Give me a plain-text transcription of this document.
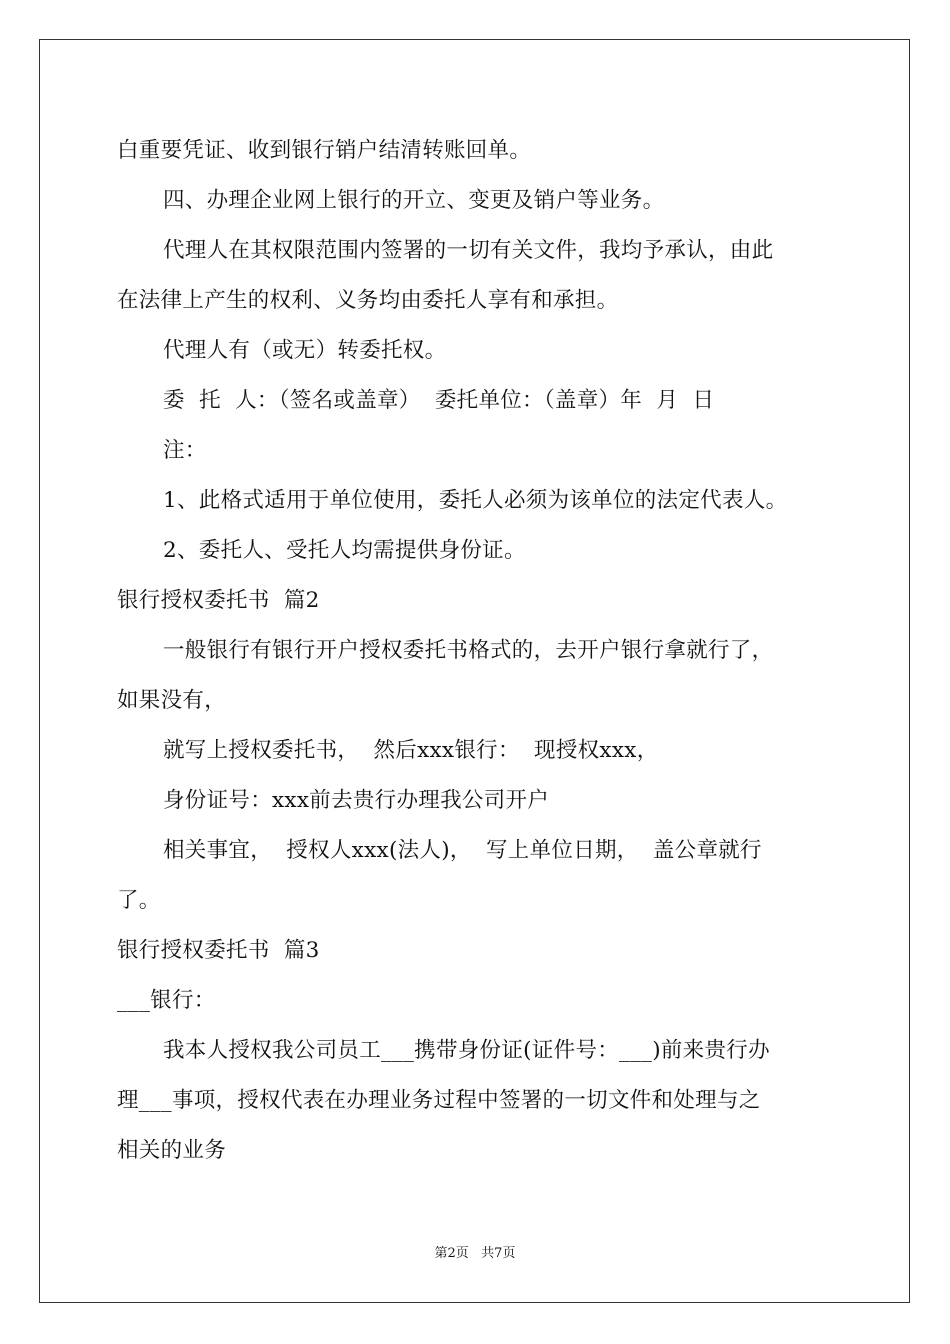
白重要凭证、收到银行销户结清转账回单。
四、办理企业网上银行的开立、变更及销户等业务。
代理人在其权限范围内签署的一切有关文件，我均予承认，由此
在法律上产生的权利、义务均由委托人享有和承担。
代理人有（或无）转委托权。
委  托  人：（签名或盖章）  委托单位：（盖章）年  月  日
注：
1、此格式适用于单位使用，委托人必须为该单位的法定代表人。
2、委托人、受托人均需提供身份证。
银行授权委托书  篇2
一般银行有银行开户授权委托书格式的，去开户银行拿就行了，
如果没有，
就写上授权委托书，  然后xxx银行：  现授权xxx，
身份证号：xxx前去贵行办理我公司开户
相关事宜，  授权人xxx(法人)，  写上单位日期，  盖公章就行
了。
银行授权委托书  篇3
___银行：
我本人授权我公司员工___携带身份证(证件号：___)前来贵行办
理___事项，授权代表在办理业务过程中签署的一切文件和处理与之
相关的业务
第2页   共7页
